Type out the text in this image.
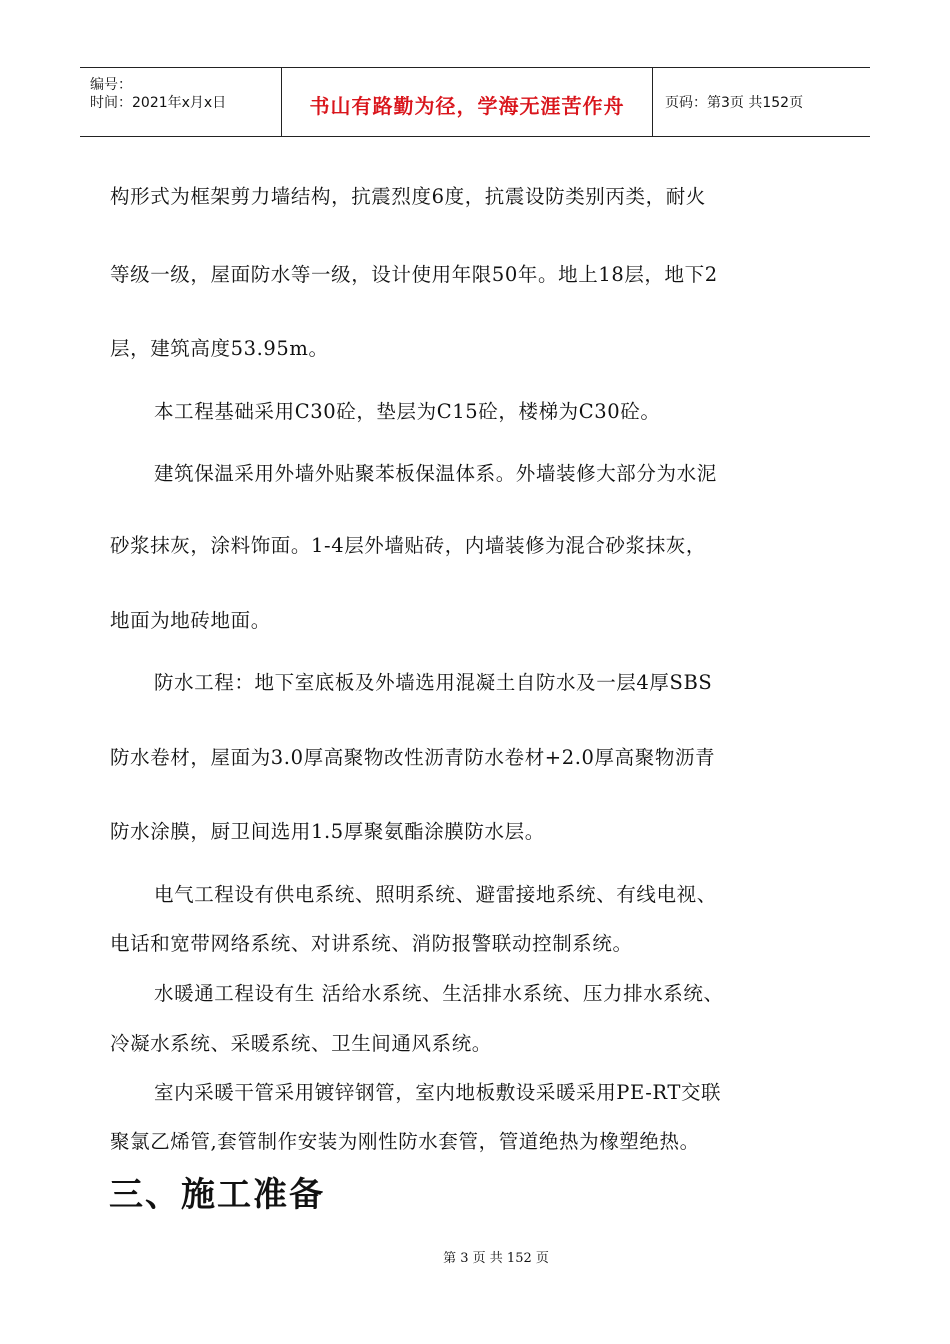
编号：
时间：2021年x月x日	书山有路勤为径，学海无涯苦作舟	页码：第3页 共152页
构形式为框架剪力墙结构，抗震烈度6度，抗震设防类别丙类，耐火
等级一级，屋面防水等一级，设计使用年限50年。地上18层，地下2
层，建筑高度53.95m。
本工程基础采用C30砼，垫层为C15砼，楼梯为C30砼。
建筑保温采用外墙外贴聚苯板保温体系。外墙装修大部分为水泥
砂浆抹灰，涂料饰面。1-4层外墙贴砖，内墙装修为混合砂浆抹灰，
地面为地砖地面。
防水工程：地下室底板及外墙选用混凝土自防水及一层4厚SBS
防水卷材，屋面为3.0厚高聚物改性沥青防水卷材+2.0厚高聚物沥青
防水涂膜，厨卫间选用1.5厚聚氨酯涂膜防水层。
电气工程设有供电系统、照明系统、避雷接地系统、有线电视、
电话和宽带网络系统、对讲系统、消防报警联动控制系统。
水暖通工程设有生 活给水系统、生活排水系统、压力排水系统、
冷凝水系统、采暖系统、卫生间通风系统。
室内采暖干管采用镀锌钢管，室内地板敷设采暖采用PE-RT交联
聚氯乙烯管,套管制作安装为刚性防水套管，管道绝热为橡塑绝热。
三、施工准备
第 3 页 共 152 页
